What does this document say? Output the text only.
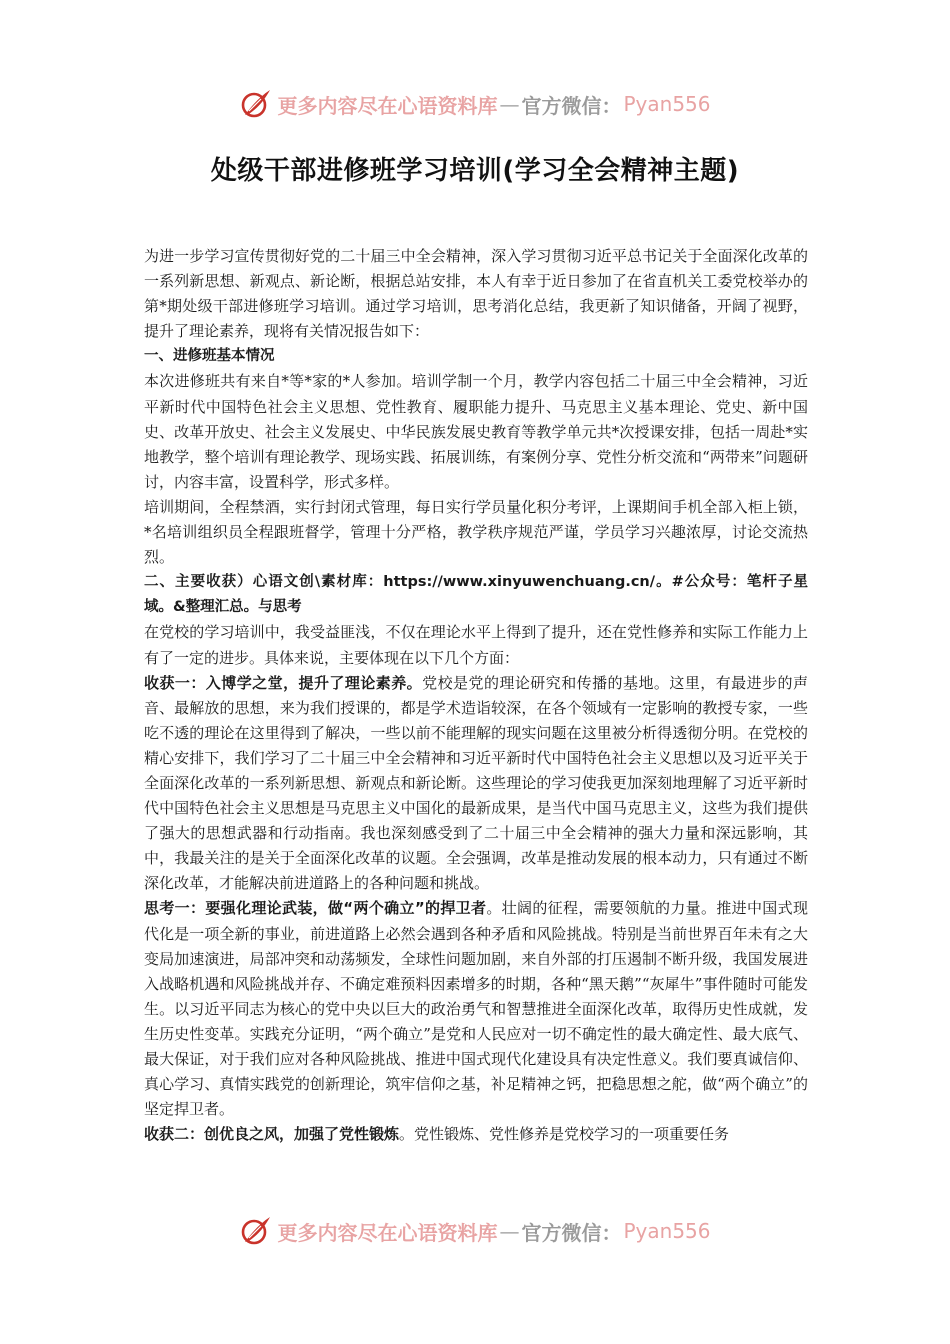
更多内容尽在心语资料库 — 官方微信： Pyan556
处级干部进修班学习培训(学习全会精神主题)

为进一步学习宣传贯彻好党的二十届三中全会精神，深入学习贯彻习近平总书记关于全面深化改革的一系列新思想、新观点、新论断，根据总站安排，本人有幸于近日参加了在省直机关工委党校举办的第*期处级干部进修班学习培训。通过学习培训，思考消化总结，我更新了知识储备，开阔了视野，提升了理论素养，现将有关情况报告如下：

一、进修班基本情况

本次进修班共有来自*等*家的*人参加。培训学制一个月，教学内容包括二十届三中全会精神，习近平新时代中国特色社会主义思想、党性教育、履职能力提升、马克思主义基本理论、党史、新中国史、改革开放史、社会主义发展史、中华民族发展史教育等教学单元共*次授课安排，包括一周赴*实地教学，整个培训有理论教学、现场实践、拓展训练，有案例分享、党性分析交流和“两带来”问题研讨，内容丰富，设置科学，形式多样。

培训期间，全程禁酒，实行封闭式管理，每日实行学员量化积分考评，上课期间手机全部入柜上锁，*名培训组织员全程跟班督学，管理十分严格，教学秩序规范严谨，学员学习兴趣浓厚，讨论交流热烈。

二、主要收获）心语文创\素材库：https://www.xinyuwenchuang.cn/。#公众号：笔杆子星域。&整理汇总。与思考

在党校的学习培训中，我受益匪浅，不仅在理论水平上得到了提升，还在党性修养和实际工作能力上有了一定的进步。具体来说，主要体现在以下几个方面：

收获一：入博学之堂，提升了理论素养。党校是党的理论研究和传播的基地。这里，有最进步的声音、最解放的思想，来为我们授课的，都是学术造诣较深，在各个领域有一定影响的教授专家，一些吃不透的理论在这里得到了解决，一些以前不能理解的现实问题在这里被分析得透彻分明。在党校的精心安排下，我们学习了二十届三中全会精神和习近平新时代中国特色社会主义思想以及习近平关于全面深化改革的一系列新思想、新观点和新论断。这些理论的学习使我更加深刻地理解了习近平新时代中国特色社会主义思想是马克思主义中国化的最新成果，是当代中国马克思主义，这些为我们提供了强大的思想武器和行动指南。我也深刻感受到了二十届三中全会精神的强大力量和深远影响，其中，我最关注的是关于全面深化改革的议题。全会强调，改革是推动发展的根本动力，只有通过不断深化改革，才能解决前进道路上的各种问题和挑战。

思考一：要强化理论武装，做“两个确立”的捍卫者。壮阔的征程，需要领航的力量。推进中国式现代化是一项全新的事业，前进道路上必然会遇到各种矛盾和风险挑战。特别是当前世界百年未有之大变局加速演进，局部冲突和动荡频发，全球性问题加剧，来自外部的打压遏制不断升级，我国发展进入战略机遇和风险挑战并存、不确定难预料因素增多的时期，各种“黑天鹅”“灰犀牛”事件随时可能发生。以习近平同志为核心的党中央以巨大的政治勇气和智慧推进全面深化改革，取得历史性成就，发生历史性变革。实践充分证明，“两个确立”是党和人民应对一切不确定性的最大确定性、最大底气、最大保证，对于我们应对各种风险挑战、推进中国式现代化建设具有决定性意义。我们要真诚信仰、真心学习、真情实践党的创新理论，筑牢信仰之基，补足精神之钙，把稳思想之舵，做“两个确立”的坚定捍卫者。

收获二：创优良之风，加强了党性锻炼。党性锻炼、党性修养是党校学习的一项重要任务

更多内容尽在心语资料库 — 官方微信： Pyan556
